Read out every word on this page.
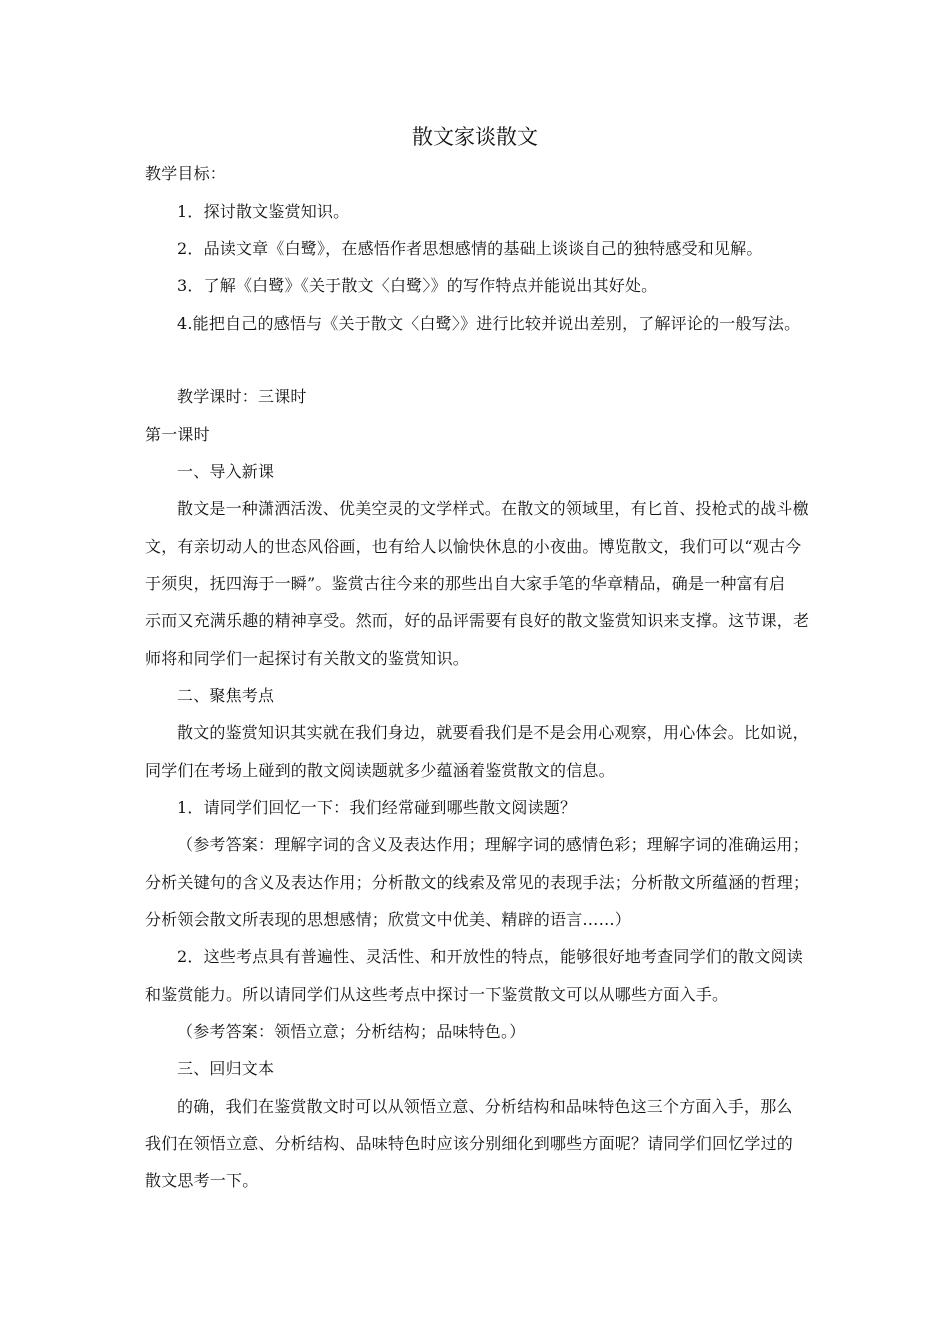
散文家谈散文
教学目标：
1．探讨散文鉴赏知识。
2．品读文章《白鹭》，在感悟作者思想感情的基础上谈谈自己的独特感受和见解。
3．了解《白鹭》《关于散文〈白鹭〉》的写作特点并能说出其好处。
4.能把自己的感悟与《关于散文〈白鹭〉》进行比较并说出差别，了解评论的一般写法。
教学课时：三课时
第一课时
一、导入新课
散文是一种潇洒活泼、优美空灵的文学样式。在散文的领域里，有匕首、投枪式的战斗檄
文，有亲切动人的世态风俗画，也有给人以愉快休息的小夜曲。博览散文，我们可以“观古今
于须臾，抚四海于一瞬”。鉴赏古往今来的那些出自大家手笔的华章精品，确是一种富有启
示而又充满乐趣的精神享受。然而，好的品评需要有良好的散文鉴赏知识来支撑。这节课，老
师将和同学们一起探讨有关散文的鉴赏知识。
二、聚焦考点
散文的鉴赏知识其实就在我们身边，就要看我们是不是会用心观察，用心体会。比如说，
同学们在考场上碰到的散文阅读题就多少蕴涵着鉴赏散文的信息。
1．请同学们回忆一下：我们经常碰到哪些散文阅读题？
（参考答案：理解字词的含义及表达作用；理解字词的感情色彩；理解字词的准确运用；
分析关键句的含义及表达作用；分析散文的线索及常见的表现手法；分析散文所蕴涵的哲理；
分析领会散文所表现的思想感情；欣赏文中优美、精辟的语言……）
2．这些考点具有普遍性、灵活性、和开放性的特点，能够很好地考查同学们的散文阅读
和鉴赏能力。所以请同学们从这些考点中探讨一下鉴赏散文可以从哪些方面入手。
（参考答案：领悟立意；分析结构；品味特色。）
三、回归文本
的确，我们在鉴赏散文时可以从领悟立意、分析结构和品味特色这三个方面入手，那么
我们在领悟立意、分析结构、品味特色时应该分别细化到哪些方面呢？请同学们回忆学过的
散文思考一下。
